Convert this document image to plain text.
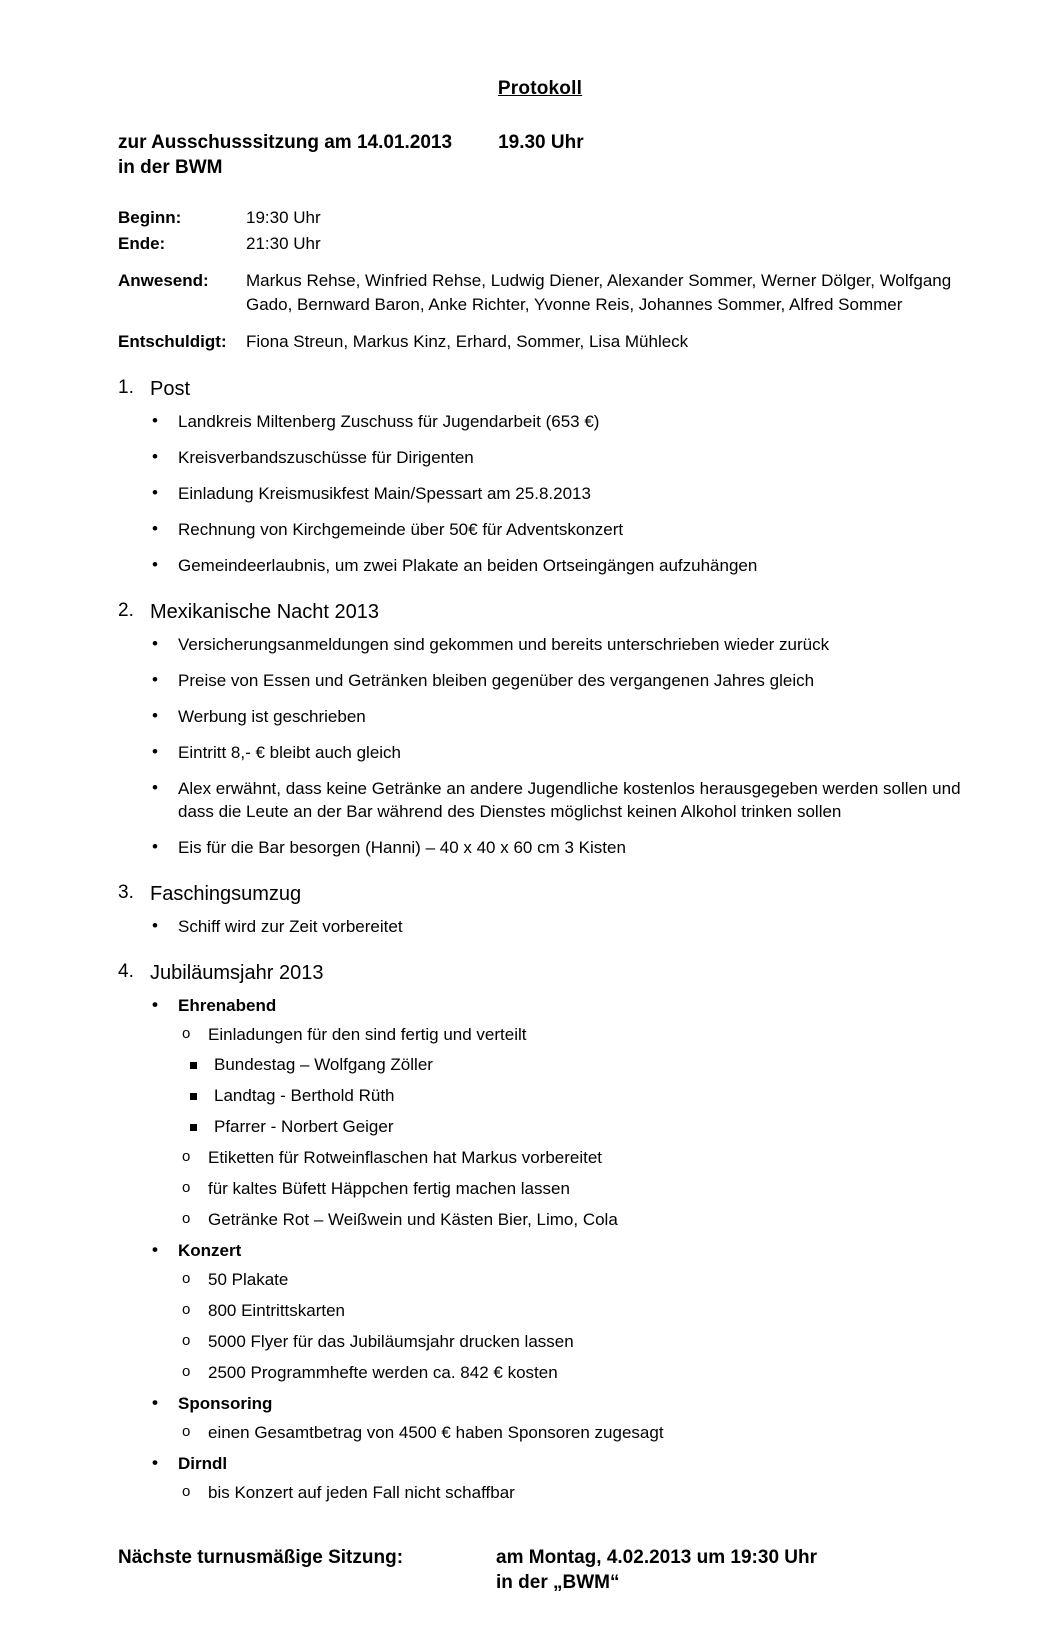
Protokoll
zur Ausschusssitzung am 14.01.2013 19.30 Uhr
in der BWM
Beginn:	19:30 Uhr
Ende:	21:30 Uhr

Anwesend:	Markus Rehse, Winfried Rehse, Ludwig Diener, Alexander Sommer, Werner Dölger, Wolfgang Gado, Bernward Baron, Anke Richter, Yvonne Reis, Johannes Sommer, Alfred Sommer

Entschuldigt:	Fiona Streun, Markus Kinz, Erhard, Sommer, Lisa Mühleck
1. Post
• Landkreis Miltenberg Zuschuss für Jugendarbeit (653 €)
• Kreisverbandszuschüsse für Dirigenten
• Einladung Kreismusikfest Main/Spessart am 25.8.2013
• Rechnung von Kirchgemeinde über 50€ für Adventskonzert
• Gemeindeerlaubnis, um zwei Plakate an beiden Ortseingängen aufzuhängen
2. Mexikanische Nacht 2013
• Versicherungsanmeldungen sind gekommen und bereits unterschrieben wieder zurück
• Preise von Essen und Getränken bleiben gegenüber des vergangenen Jahres gleich
• Werbung ist geschrieben
• Eintritt 8,- € bleibt auch gleich
• Alex erwähnt, dass keine Getränke an andere Jugendliche kostenlos herausgegeben werden sollen und dass die Leute an der Bar während des Dienstes möglichst keinen Alkohol trinken sollen
• Eis für die Bar besorgen (Hanni) – 40 x 40 x 60 cm 3 Kisten
3. Faschingsumzug
• Schiff wird zur Zeit vorbereitet
4. Jubiläumsjahr 2013
• Ehrenabend
o Einladungen für den sind fertig und verteilt
Bundestag – Wolfgang Zöller
Landtag - Berthold Rüth
Pfarrer - Norbert Geiger
o Etiketten für Rotweinflaschen hat Markus vorbereitet
o für kaltes Büfett Häppchen fertig machen lassen
o Getränke Rot – Weißwein und Kästen Bier, Limo, Cola
• Konzert
o 50 Plakate
o 800 Eintrittskarten
o 5000 Flyer für das Jubiläumsjahr drucken lassen
o 2500 Programmhefte werden ca. 842 € kosten
• Sponsoring
o einen Gesamtbetrag von 4500 € haben Sponsoren zugesagt
• Dirndl
o bis Konzert auf jeden Fall nicht schaffbar
Nächste turnusmäßige Sitzung:	am Montag, 4.02.2013 um 19:30 Uhr
in der „BWM“
